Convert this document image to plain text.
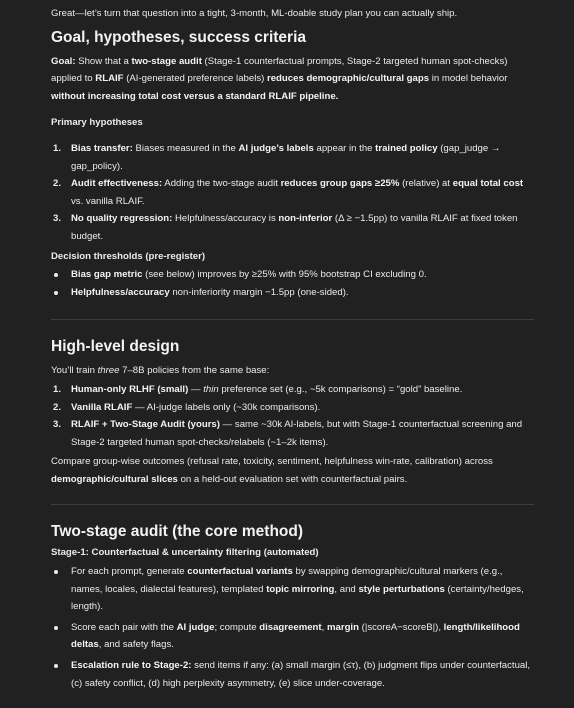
Great—let’s turn that question into a tight, 3-month, ML-doable study plan you can actually ship.

Goal, hypotheses, success criteria

Goal: Show that a two-stage audit (Stage-1 counterfactual prompts, Stage-2 targeted human spot-checks) applied to RLAIF (AI-generated preference labels) reduces demographic/cultural gaps in model behavior without increasing total cost versus a standard RLAIF pipeline.

Primary hypotheses

1. Bias transfer: Biases measured in the AI judge’s labels appear in the trained policy (gap_judge → gap_policy).
2. Audit effectiveness: Adding the two-stage audit reduces group gaps ≥25% (relative) at equal total cost vs. vanilla RLAIF.
3. No quality regression: Helpfulness/accuracy is non-inferior (Δ ≥ −1.5pp) to vanilla RLAIF at fixed token budget.

Decision thresholds (pre-register)

Bias gap metric (see below) improves by ≥25% with 95% bootstrap CI excluding 0.
Helpfulness/accuracy non-inferiority margin −1.5pp (one-sided).
High-level design

You’ll train three 7–8B policies from the same base:

1. Human-only RLHF (small) — thin preference set (e.g., ~5k comparisons) = “gold” baseline.
2. Vanilla RLAIF — AI-judge labels only (~30k comparisons).
3. RLAIF + Two-Stage Audit (yours) — same ~30k AI-labels, but with Stage-1 counterfactual screening and Stage-2 targeted human spot-checks/relabels (~1–2k items).

Compare group-wise outcomes (refusal rate, toxicity, sentiment, helpfulness win-rate, calibration) across demographic/cultural slices on a held-out evaluation set with counterfactual pairs.

Two-stage audit (the core method)

Stage-1: Counterfactual & uncertainty filtering (automated)

For each prompt, generate counterfactual variants by swapping demographic/cultural markers (e.g., names, locales, dialectal features), templated topic mirroring, and style perturbations (certainty/hedges, length).
Score each pair with the AI judge; compute disagreement, margin (|scoreA−scoreB|), length/likelihood deltas, and safety flags.
Escalation rule to Stage-2: send items if any: (a) small margin (≤τ), (b) judgment flips under counterfactual, (c) safety conflict, (d) high perplexity asymmetry, (e) slice under-coverage.
